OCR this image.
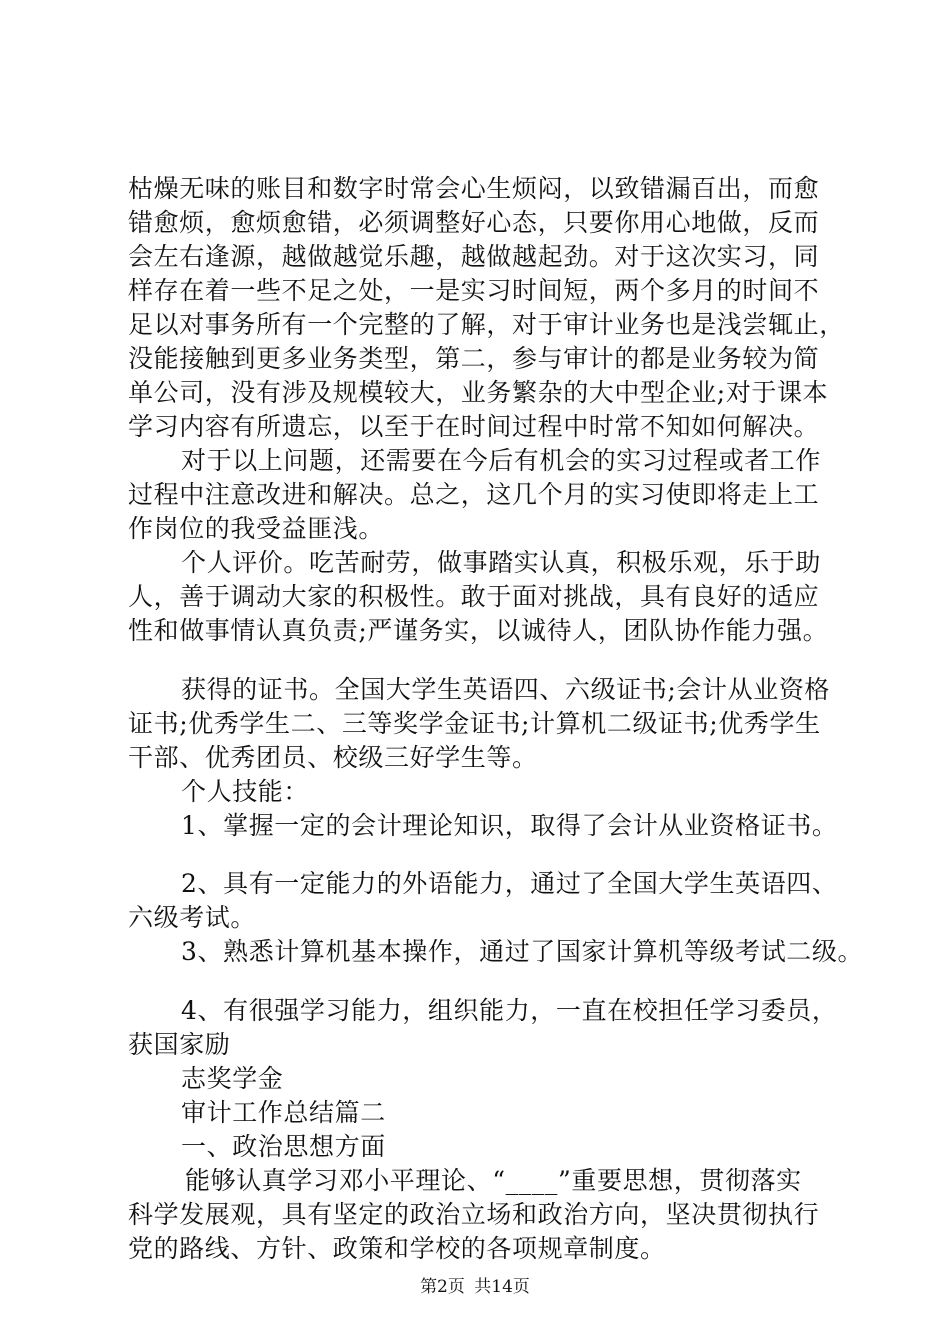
枯燥无味的账目和数字时常会心生烦闷，以致错漏百出，而愈
错愈烦，愈烦愈错，必须调整好心态，只要你用心地做，反而
会左右逢源，越做越觉乐趣，越做越起劲。对于这次实习，同
样存在着一些不足之处，一是实习时间短，两个多月的时间不
足以对事务所有一个完整的了解，对于审计业务也是浅尝辄止，
没能接触到更多业务类型，第二，参与审计的都是业务较为简
单公司，没有涉及规模较大，业务繁杂的大中型企业;对于课本
学习内容有所遗忘，以至于在时间过程中时常不知如何解决。
对于以上问题，还需要在今后有机会的实习过程或者工作
过程中注意改进和解决。总之，这几个月的实习使即将走上工
作岗位的我受益匪浅。
个人评价。吃苦耐劳，做事踏实认真，积极乐观，乐于助
人，善于调动大家的积极性。敢于面对挑战，具有良好的适应
性和做事情认真负责;严谨务实，以诚待人，团队协作能力强。
获得的证书。全国大学生英语四、六级证书;会计从业资格
证书;优秀学生二、三等奖学金证书;计算机二级证书;优秀学生
干部、优秀团员、校级三好学生等。
个人技能：
1、掌握一定的会计理论知识，取得了会计从业资格证书。
2、具有一定能力的外语能力，通过了全国大学生英语四、
六级考试。
3、熟悉计算机基本操作，通过了国家计算机等级考试二级。
4、有很强学习能力，组织能力，一直在校担任学习委员，
获国家励
志奖学金
审计工作总结篇二
一、政治思想方面
能够认真学习邓小平理论、“____”重要思想，贯彻落实
科学发展观，具有坚定的政治立场和政治方向，坚决贯彻执行
党的路线、方针、政策和学校的各项规章制度。
第2页 共14页
